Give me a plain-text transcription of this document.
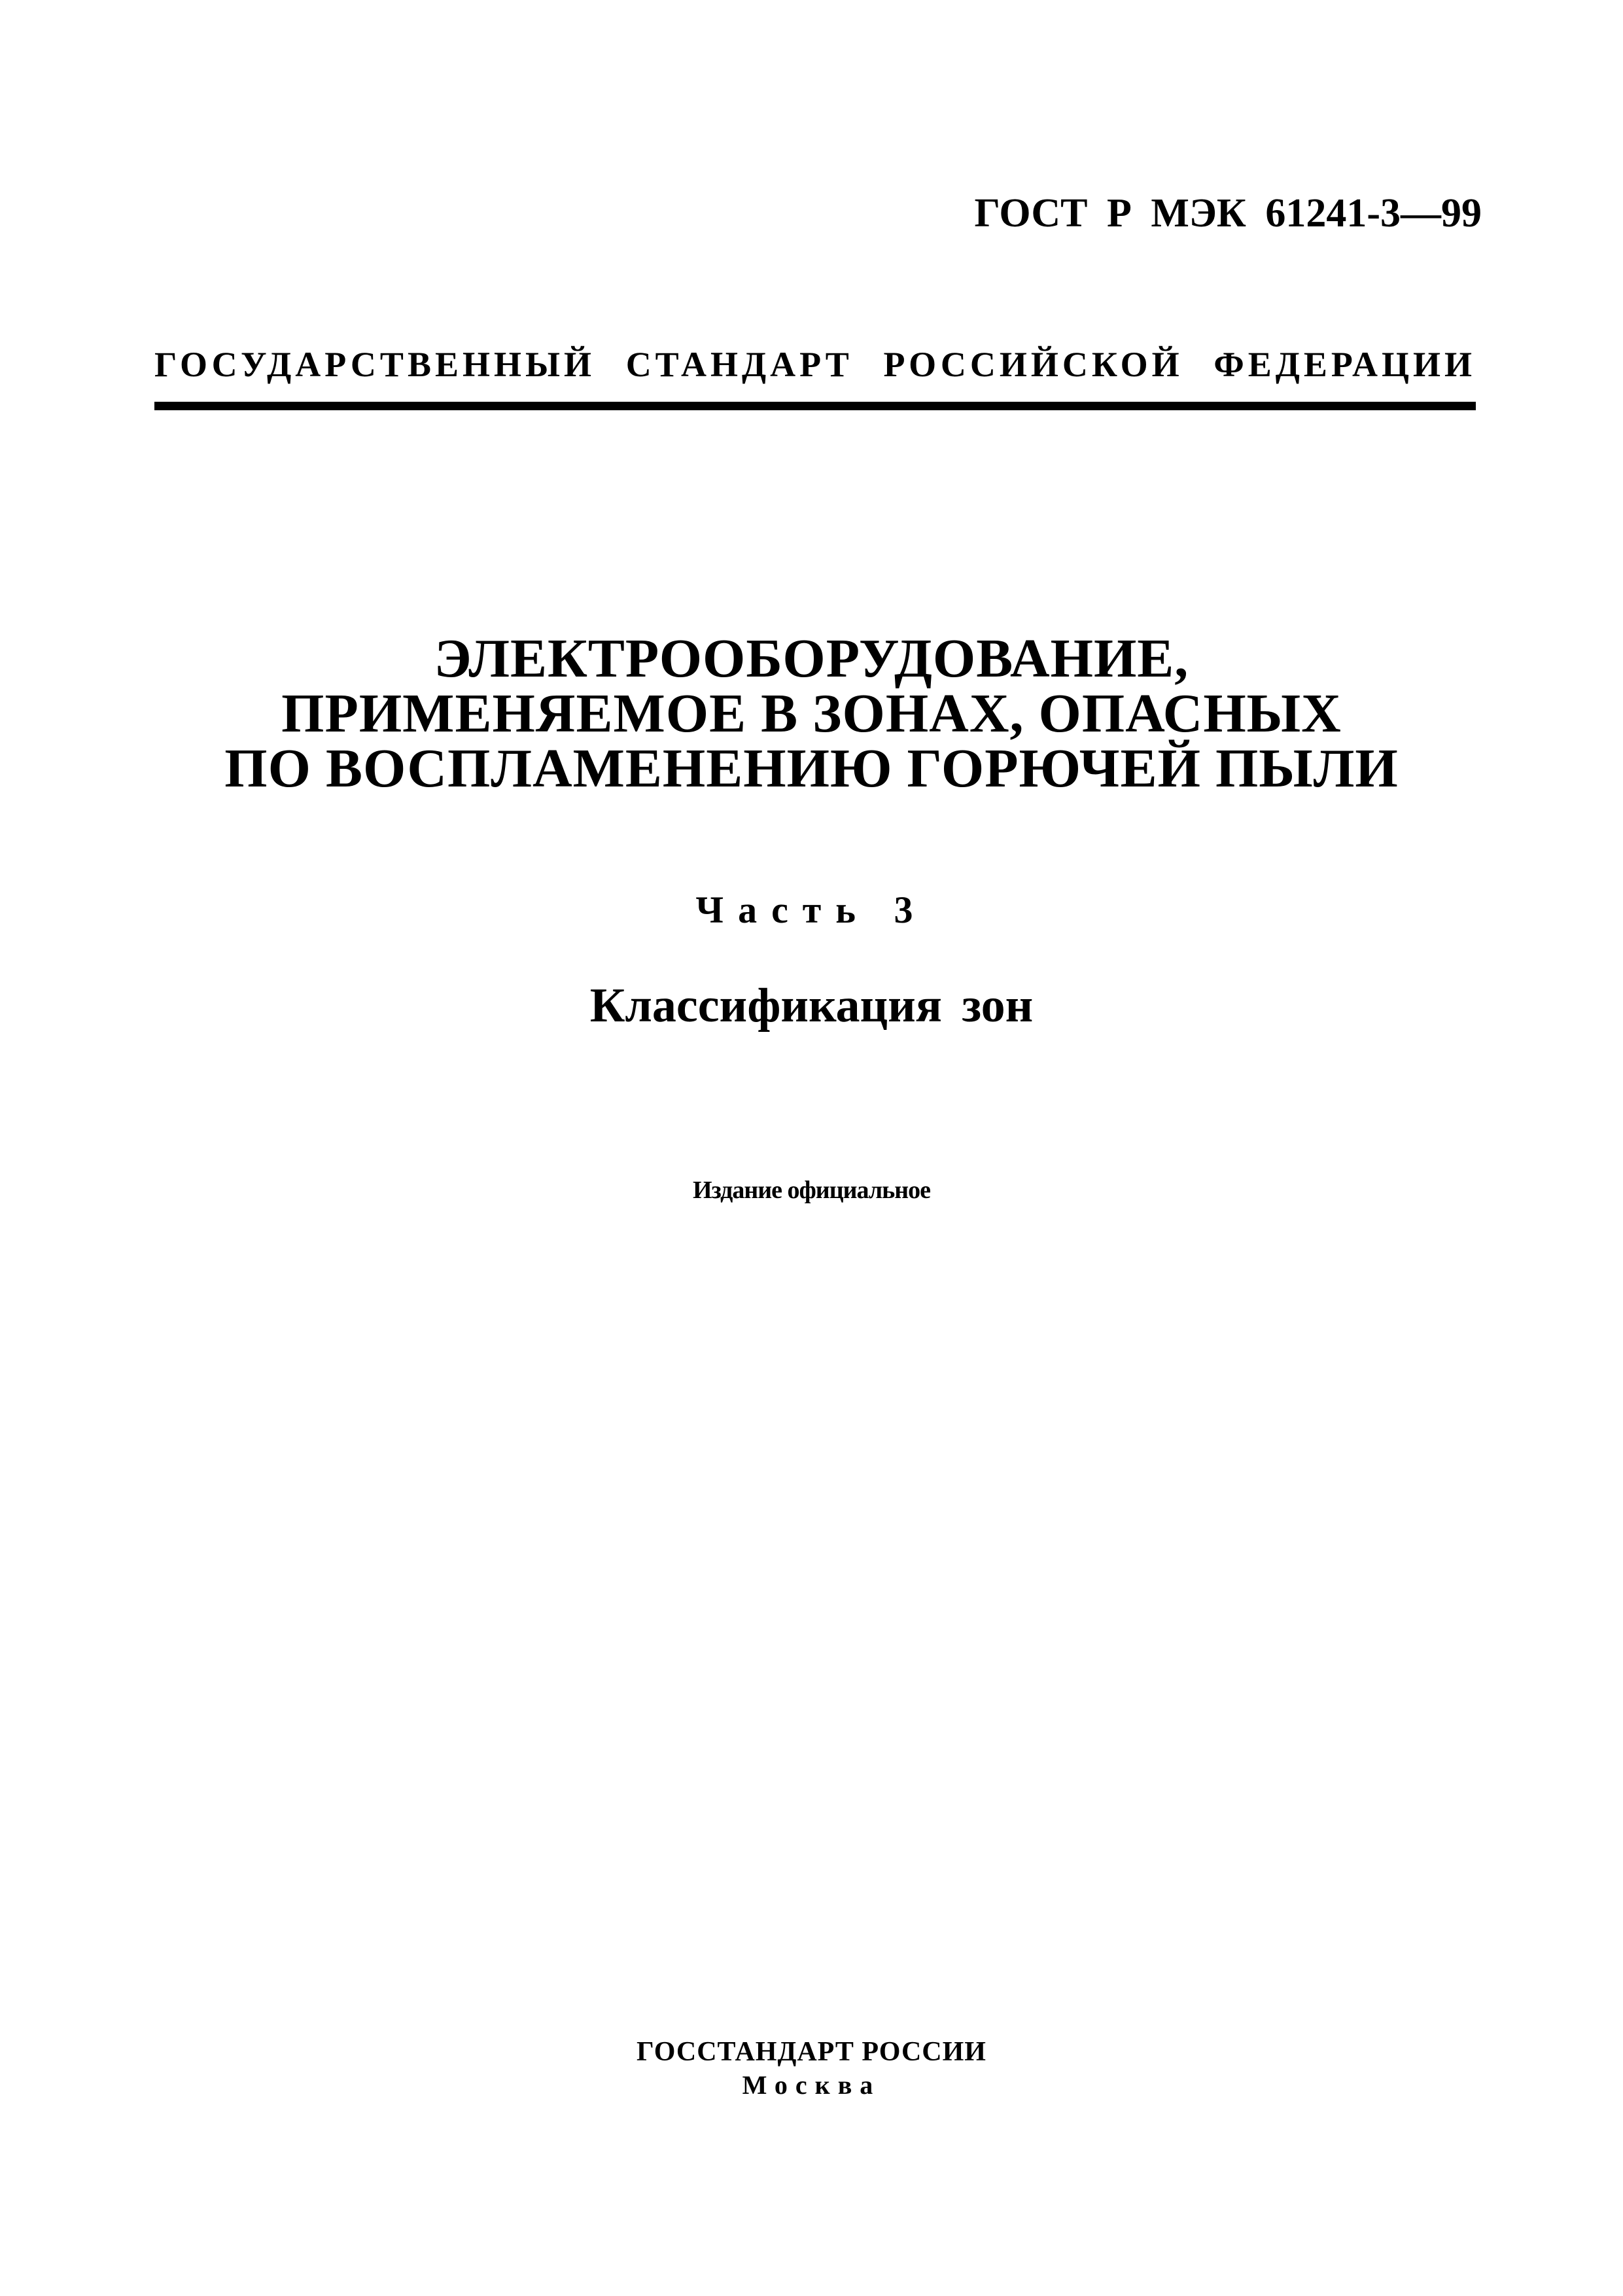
ГОСТ Р МЭК 61241-3—99
ГОСУДАРСТВЕННЫЙ СТАНДАРТ РОССИЙСКОЙ ФЕДЕРАЦИИ
ЭЛЕКТРООБОРУДОВАНИЕ,
ПРИМЕНЯЕМОЕ В ЗОНАХ, ОПАСНЫХ
ПО ВОСПЛАМЕНЕНИЮ ГОРЮЧЕЙ ПЫЛИ
Часть 3
Классификация зон
Издание официальное
ГОССТАНДАРТ РОССИИ
Москва
